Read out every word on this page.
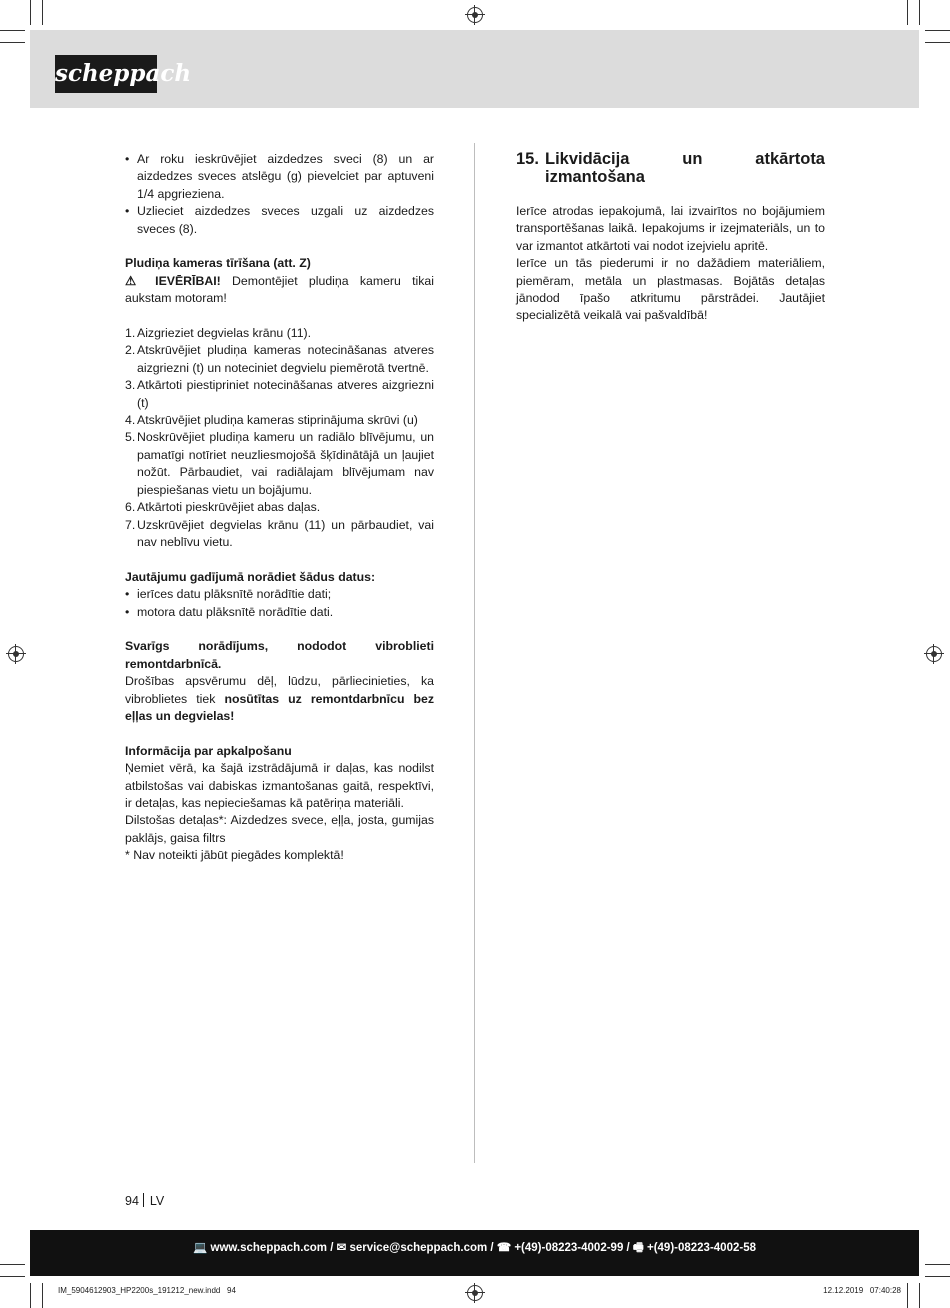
scheppach
• Ar roku ieskrūvējiet aizdedzes sveci (8) un ar aizdedzes sveces atslēgu (g) pievelciet par aptuveni 1/4 apgrieziena.
• Uzlieciet aizdedzes sveces uzgali uz aizdedzes sveces (8).

Pludiņa kameras tīrīšana (att. Z)

⚠ IEVĒRĪBAI! Demontējiet pludiņa kameru tikai aukstam motoram!

1. Aizgrieziet degvielas krānu (11).
2. Atskrūvējiet pludiņa kameras notecināšanas atveres aizgriezni (t) un noteciniet degvielu piemērotā tvertnē.
3. Atkārtoti piestipriniet notecināšanas atveres aizgriezni (t)
4. Atskrūvējiet pludiņa kameras stiprinājuma skrūvi (u)
5. Noskrūvējiet pludiņa kameru un radiālo blīvējumu, un pamatīgi notīriet neuzliesmojošā šķīdinātājā un ļaujiet nožūt. Pārbaudiet, vai radiālajam blīvējumam nav piespiešanas vietu un bojājumu.
6. Atkārtoti pieskrūvējiet abas daļas.
7. Uzskrūvējiet degvielas krānu (11) un pārbaudiet, vai nav neblīvu vietu.

Jautājumu gadījumā norādiet šādus datus:

• ierīces datu plāksnītē norādītie dati;
• motora datu plāksnītē norādītie dati.

Svarīgs norādījums, nododot vibroblieti remontdarbnīcā.

Drošības apsvērumu dēļ, lūdzu, pārliecinieties, ka vibroblietes tiek nosūtītas uz remontdarbnīcu bez eļļas un degvielas!

Informācija par apkalpošanu

Ņemiet vērā, ka šajā izstrādājumā ir daļas, kas nodilst atbilstošas vai dabiskas izmantošanas gaitā, respektīvi, ir detaļas, kas nepieciešamas kā patēriņa materiāli.

Dilstošas detaļas*: Aizdedzes svece, eļļa, josta, gumijas paklājs, gaisa filtrs

* Nav noteikti jābūt piegādes komplektā!

15. Likvidācija un atkārtota izmantošana

Ierīce atrodas iepakojumā, lai izvairītos no bojājumiem transportēšanas laikā. Iepakojums ir izejmateriāls, un to var izmantot atkārtoti vai nodot izejvielu apritē.

Ierīce un tās piederumi ir no dažādiem materiāliem, piemēram, metāla un plastmasas. Bojātās detaļas jānodod īpašo atkritumu pārstrādei. Jautājiet specializētā veikalā vai pašvaldībā!

94 LV
💻 www.scheppach.com / ✉ service@scheppach.com / ☎ +(49)-08223-4002-99 / 🖷 +(49)-08223-4002-58
IM_5904612903_HP2200s_191212_new.indd   94	12.12.2019   07:40:28
